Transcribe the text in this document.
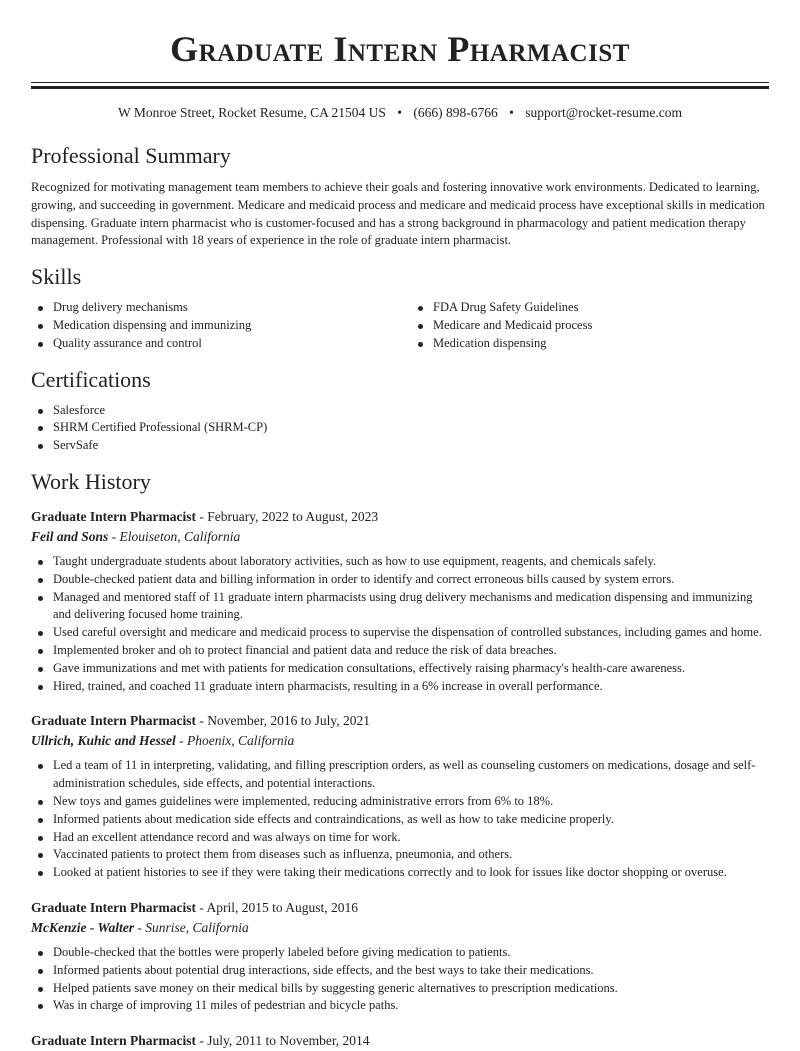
Graduate Intern Pharmacist
W Monroe Street, Rocket Resume, CA 21504 US • (666) 898-6766 • support@rocket-resume.com
Professional Summary

Recognized for motivating management team members to achieve their goals and fostering innovative work environments. Dedicated to learning, growing, and succeeding in government. Medicare and medicaid process and medicare and medicaid process have exceptional skills in medication dispensing. Graduate intern pharmacist who is customer-focused and has a strong background in pharmacology and patient medication therapy management. Professional with 18 years of experience in the role of graduate intern pharmacist.

Skills
Drug delivery mechanisms
Medication dispensing and immunizing
Quality assurance and control
FDA Drug Safety Guidelines
Medicare and Medicaid process
Medication dispensing
Certifications
Salesforce
SHRM Certified Professional (SHRM-CP)
ServSafe
Work History
Graduate Intern Pharmacist - February, 2022 to August, 2023
Feil and Sons - Elouiseton, California
Taught undergraduate students about laboratory activities, such as how to use equipment, reagents, and chemicals safely.
Double-checked patient data and billing information in order to identify and correct erroneous bills caused by system errors.
Managed and mentored staff of 11 graduate intern pharmacists using drug delivery mechanisms and medication dispensing and immunizing and delivering focused home training.
Used careful oversight and medicare and medicaid process to supervise the dispensation of controlled substances, including games and home.
Implemented broker and oh to protect financial and patient data and reduce the risk of data breaches.
Gave immunizations and met with patients for medication consultations, effectively raising pharmacy's health-care awareness.
Hired, trained, and coached 11 graduate intern pharmacists, resulting in a 6% increase in overall performance.
Graduate Intern Pharmacist - November, 2016 to July, 2021
Ullrich, Kuhic and Hessel - Phoenix, California
Led a team of 11 in interpreting, validating, and filling prescription orders, as well as counseling customers on medications, dosage and self-administration schedules, side effects, and potential interactions.
New toys and games guidelines were implemented, reducing administrative errors from 6% to 18%.
Informed patients about medication side effects and contraindications, as well as how to take medicine properly.
Had an excellent attendance record and was always on time for work.
Vaccinated patients to protect them from diseases such as influenza, pneumonia, and others.
Looked at patient histories to see if they were taking their medications correctly and to look for issues like doctor shopping or overuse.
Graduate Intern Pharmacist - April, 2015 to August, 2016
McKenzie - Walter - Sunrise, California
Double-checked that the bottles were properly labeled before giving medication to patients.
Informed patients about potential drug interactions, side effects, and the best ways to take their medications.
Helped patients save money on their medical bills by suggesting generic alternatives to prescription medications.
Was in charge of improving 11 miles of pedestrian and bicycle paths.
Graduate Intern Pharmacist - July, 2011 to November, 2014
